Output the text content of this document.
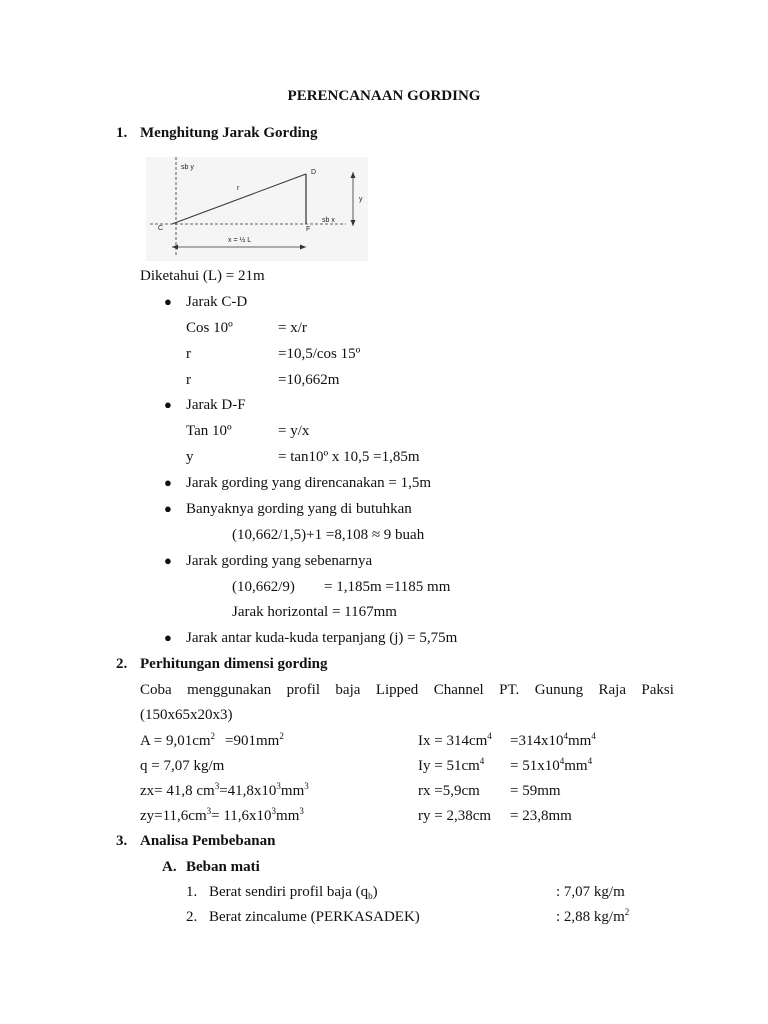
PERENCANAAN GORDING
1. Menghitung Jarak Gording
sb y
D
r
y
sb x
C	F
x = ½ L
Diketahui (L) = 21m
● Jarak C-D
Cos 10º	= x/r
r	=10,5/cos 15º
r	=10,662m
● Jarak D-F
Tan 10º	= y/x
y	= tan10º x 10,5 =1,85m
● Jarak gording yang direncanakan = 1,5m
● Banyaknya gording yang di butuhkan
(10,662/1,5)+1 =8,108 ≈ 9 buah
● Jarak gording yang sebenarnya
(10,662/9) = 1,185m =1185 mm
Jarak horizontal = 1167mm
● Jarak antar kuda-kuda terpanjang (j) = 5,75m
2. Perhitungan dimensi gording
Coba menggunakan profil baja Lipped Channel PT. Gunung Raja Paksi
(150x65x20x3)
$A = 9,01cm^2 =901mm^2$	$Ix = 314cm^4 =314x10^4mm^4$
q = 7,07 kg/m	$Iy = 51cm^4 = 51x10^4mm^4$
zx= 41,8 $cm^3=41,8x10^3mm^3$	rx =5,9cm = 59mm
$zy=11,6cm^3= 11,6x10^3mm^3$	ry = 2,38cm = 23,8mm
3. Analisa Pembebanan
A. Beban mati
1. Berat sendiri profil baja $(q_b)$	: 7,07 kg/m
2. Berat zincalume (PERKASADEK)	: 2,88 $kg/m^2$
